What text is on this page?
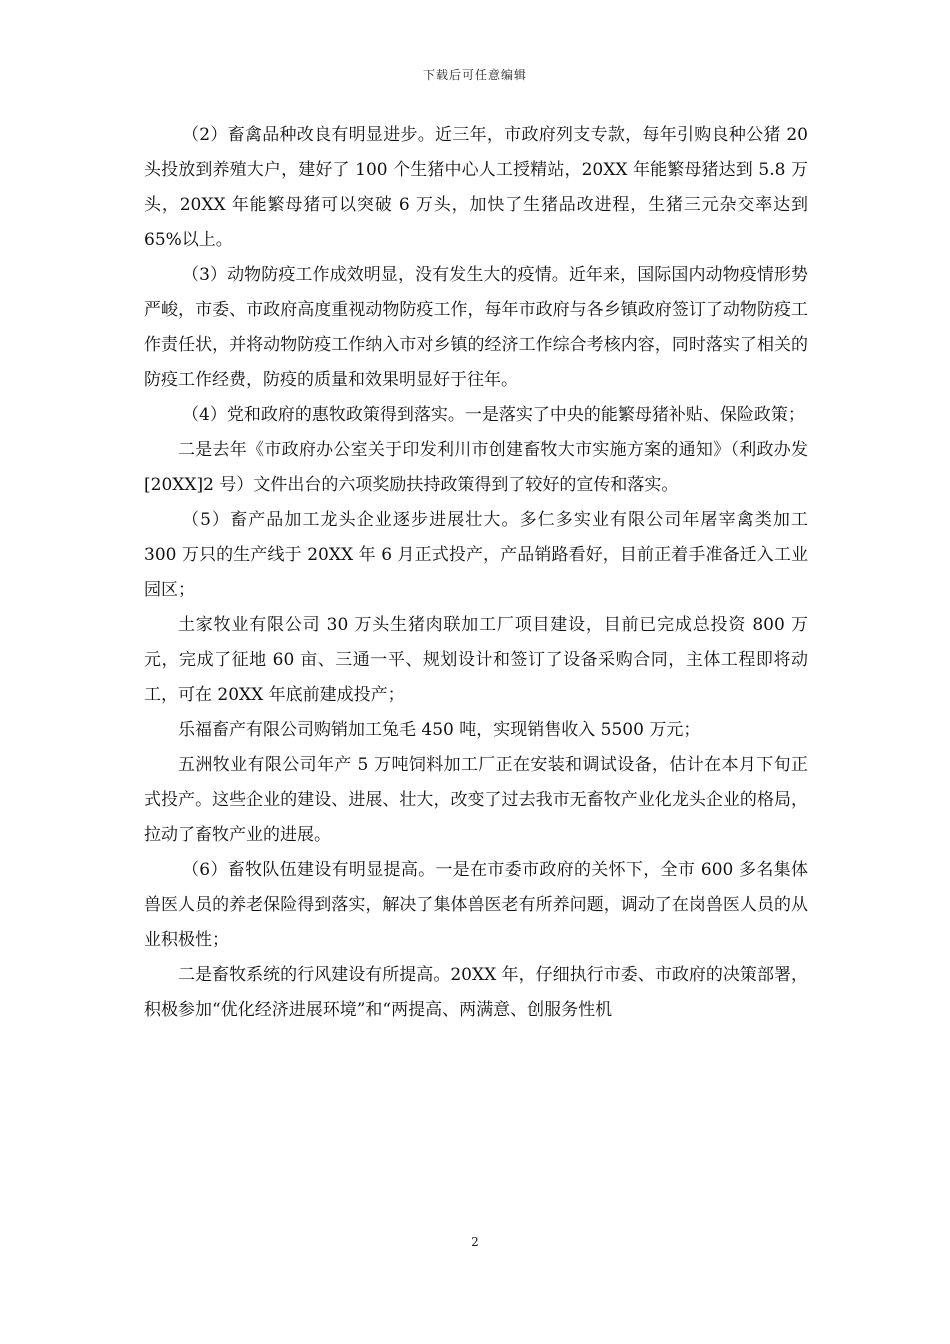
下载后可任意编辑

（2）畜禽品种改良有明显进步。近三年，市政府列支专款，每年引购良种公猪 20 头投放到养殖大户，建好了 100 个生猪中心人工授精站，20XX 年能繁母猪达到 5.8 万头，20XX 年能繁母猪可以突破 6 万头，加快了生猪品改进程，生猪三元杂交率达到 65%以上。

（3）动物防疫工作成效明显，没有发生大的疫情。近年来，国际国内动物疫情形势严峻，市委、市政府高度重视动物防疫工作，每年市政府与各乡镇政府签订了动物防疫工作责任状，并将动物防疫工作纳入市对乡镇的经济工作综合考核内容，同时落实了相关的防疫工作经费，防疫的质量和效果明显好于往年。

（4）党和政府的惠牧政策得到落实。一是落实了中央的能繁母猪补贴、保险政策；

二是去年《市政府办公室关于印发利川市创建畜牧大市实施方案的通知》（利政办发[20XX]2 号）文件出台的六项奖励扶持政策得到了较好的宣传和落实。

（5）畜产品加工龙头企业逐步进展壮大。多仁多实业有限公司年屠宰禽类加工 300 万只的生产线于 20XX 年 6 月正式投产，产品销路看好，目前正着手准备迁入工业园区；

土家牧业有限公司 30 万头生猪肉联加工厂项目建设，目前已完成总投资 800 万元，完成了征地 60 亩、三通一平、规划设计和签订了设备采购合同，主体工程即将动工，可在 20XX 年底前建成投产；

乐福畜产有限公司购销加工兔毛 450 吨，实现销售收入 5500 万元；

五洲牧业有限公司年产 5 万吨饲料加工厂正在安装和调试设备，估计在本月下旬正式投产。这些企业的建设、进展、壮大，改变了过去我市无畜牧产业化龙头企业的格局，拉动了畜牧产业的进展。

（6）畜牧队伍建设有明显提高。一是在市委市政府的关怀下，全市 600 多名集体兽医人员的养老保险得到落实，解决了集体兽医老有所养问题，调动了在岗兽医人员的从业积极性；

二是畜牧系统的行风建设有所提高。20XX 年，仔细执行市委、市政府的决策部署，积极参加“优化经济进展环境”和“两提高、两满意、创服务性机

2
